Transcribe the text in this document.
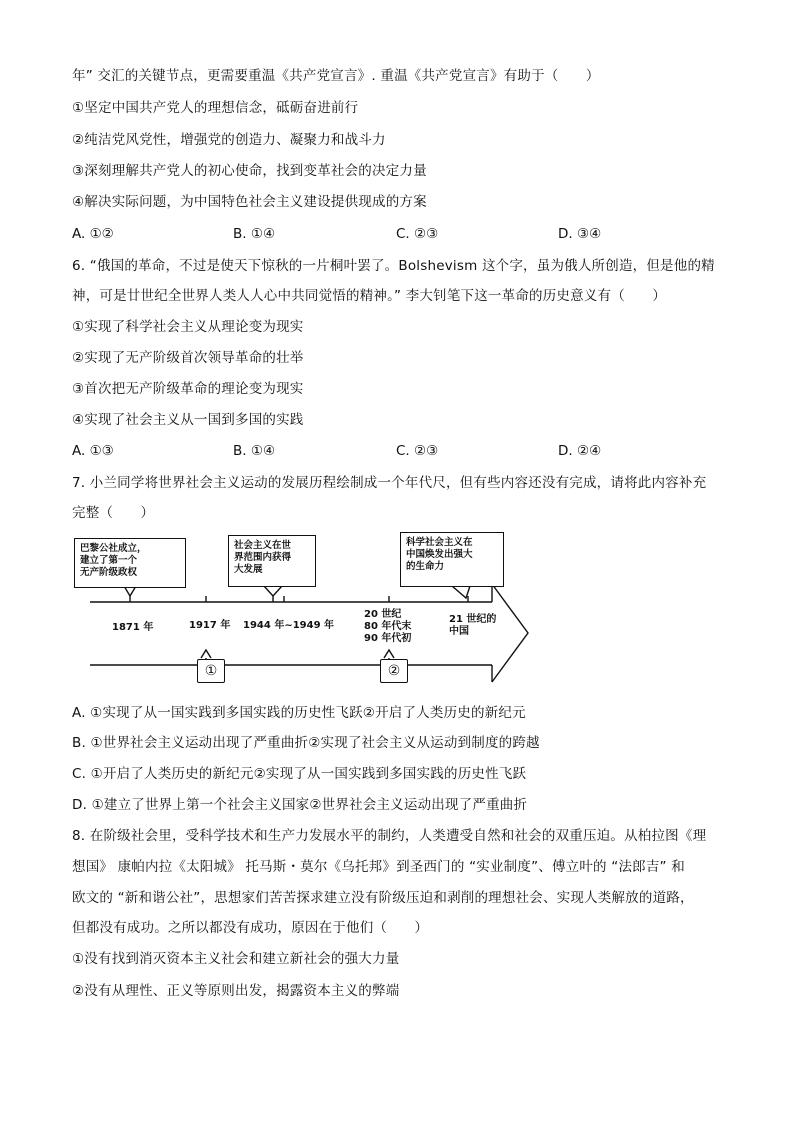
年” 交汇的关键节点，更需要重温《共产党宣言》. 重温《共产党宣言》有助于（　　）
①坚定中国共产党人的理想信念，砥砺奋进前行
②纯洁党风党性，增强党的创造力、凝聚力和战斗力
③深刻理解共产党人的初心使命，找到变革社会的决定力量
④解决实际问题，为中国特色社会主义建设提供现成的方案
A. ①②	B. ①④	C. ②③	D. ③④
6. “俄国的革命，不过是使天下惊秋的一片桐叶罢了。Bolshevism 这个字，虽为俄人所创造，但是他的精
神，可是廿世纪全世界人类人人心中共同觉悟的精神。” 李大钊笔下这一革命的历史意义有（　　）
①实现了科学社会主义从理论变为现实
②实现了无产阶级首次领导革命的壮举
③首次把无产阶级革命的理论变为现实
④实现了社会主义从一国到多国的实践
A. ①③	B. ①④	C. ②③	D. ②④
7. 小兰同学将世界社会主义运动的发展历程绘制成一个年代尺，但有些内容还没有完成，请将此内容补充
完整（　　）
巴黎公社成立，
建立了第一个
无产阶级政权
社会主义在世
界范围内获得
大发展
科学社会主义在
中国焕发出强大
的生命力
1871 年	1917 年 1944 年~1949 年
20 世纪
80 年代末
90 年代初
21 世纪的
中国
①	②
A. ①实现了从一国实践到多国实践的历史性飞跃②开启了人类历史的新纪元
B. ①世界社会主义运动出现了严重曲折②实现了社会主义从运动到制度的跨越
C. ①开启了人类历史的新纪元②实现了从一国实践到多国实践的历史性飞跃
D. ①建立了世界上第一个社会主义国家②世界社会主义运动出现了严重曲折
8. 在阶级社会里，受科学技术和生产力发展水平的制约，人类遭受自然和社会的双重压迫。从柏拉图《理
想国》 康帕内拉《太阳城》 托马斯・莫尔《乌托邦》到圣西门的 “实业制度”、傅立叶的 “法郎吉” 和
欧文的 “新和谐公社”，思想家们苦苦探求建立没有阶级压迫和剥削的理想社会、实现人类解放的道路，
但都没有成功。之所以都没有成功，原因在于他们（　　）
①没有找到消灭资本主义社会和建立新社会的强大力量
②没有从理性、正义等原则出发，揭露资本主义的弊端
